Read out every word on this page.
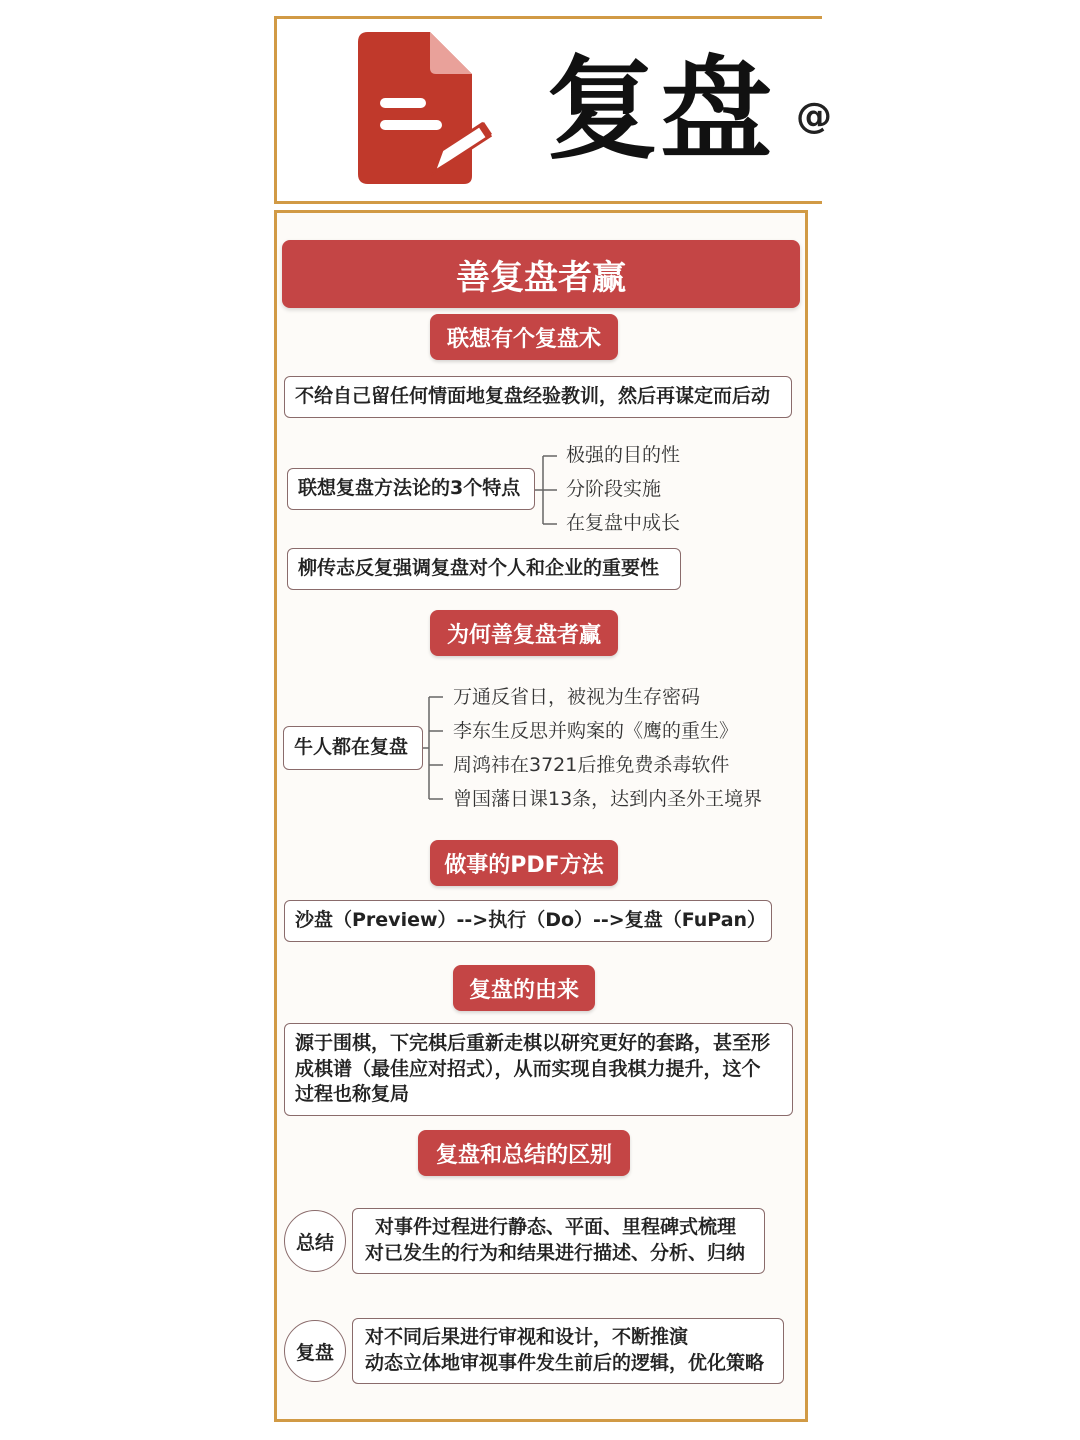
复盘 @
善复盘者赢
联想有个复盘术
不给自己留任何情面地复盘经验教训，然后再谋定而后动
联想复盘方法论的3个特点
极强的目的性
分阶段实施
在复盘中成长
柳传志反复强调复盘对个人和企业的重要性
为何善复盘者赢
牛人都在复盘
万通反省日，被视为生存密码
李东生反思并购案的《鹰的重生》
周鸿祎在3721后推免费杀毒软件
曾国藩日课13条，达到内圣外王境界
做事的PDF方法
沙盘（Preview）-->执行（Do）-->复盘（FuPan）
复盘的由来
源于围棋，下完棋后重新走棋以研究更好的套路，甚至形
成棋谱（最佳应对招式），从而实现自我棋力提升，这个
过程也称复局
复盘和总结的区别
总结
对事件过程进行静态、平面、里程碑式梳理
对已发生的行为和结果进行描述、分析、归纳
复盘
对不同后果进行审视和设计，不断推演
动态立体地审视事件发生前后的逻辑，优化策略
